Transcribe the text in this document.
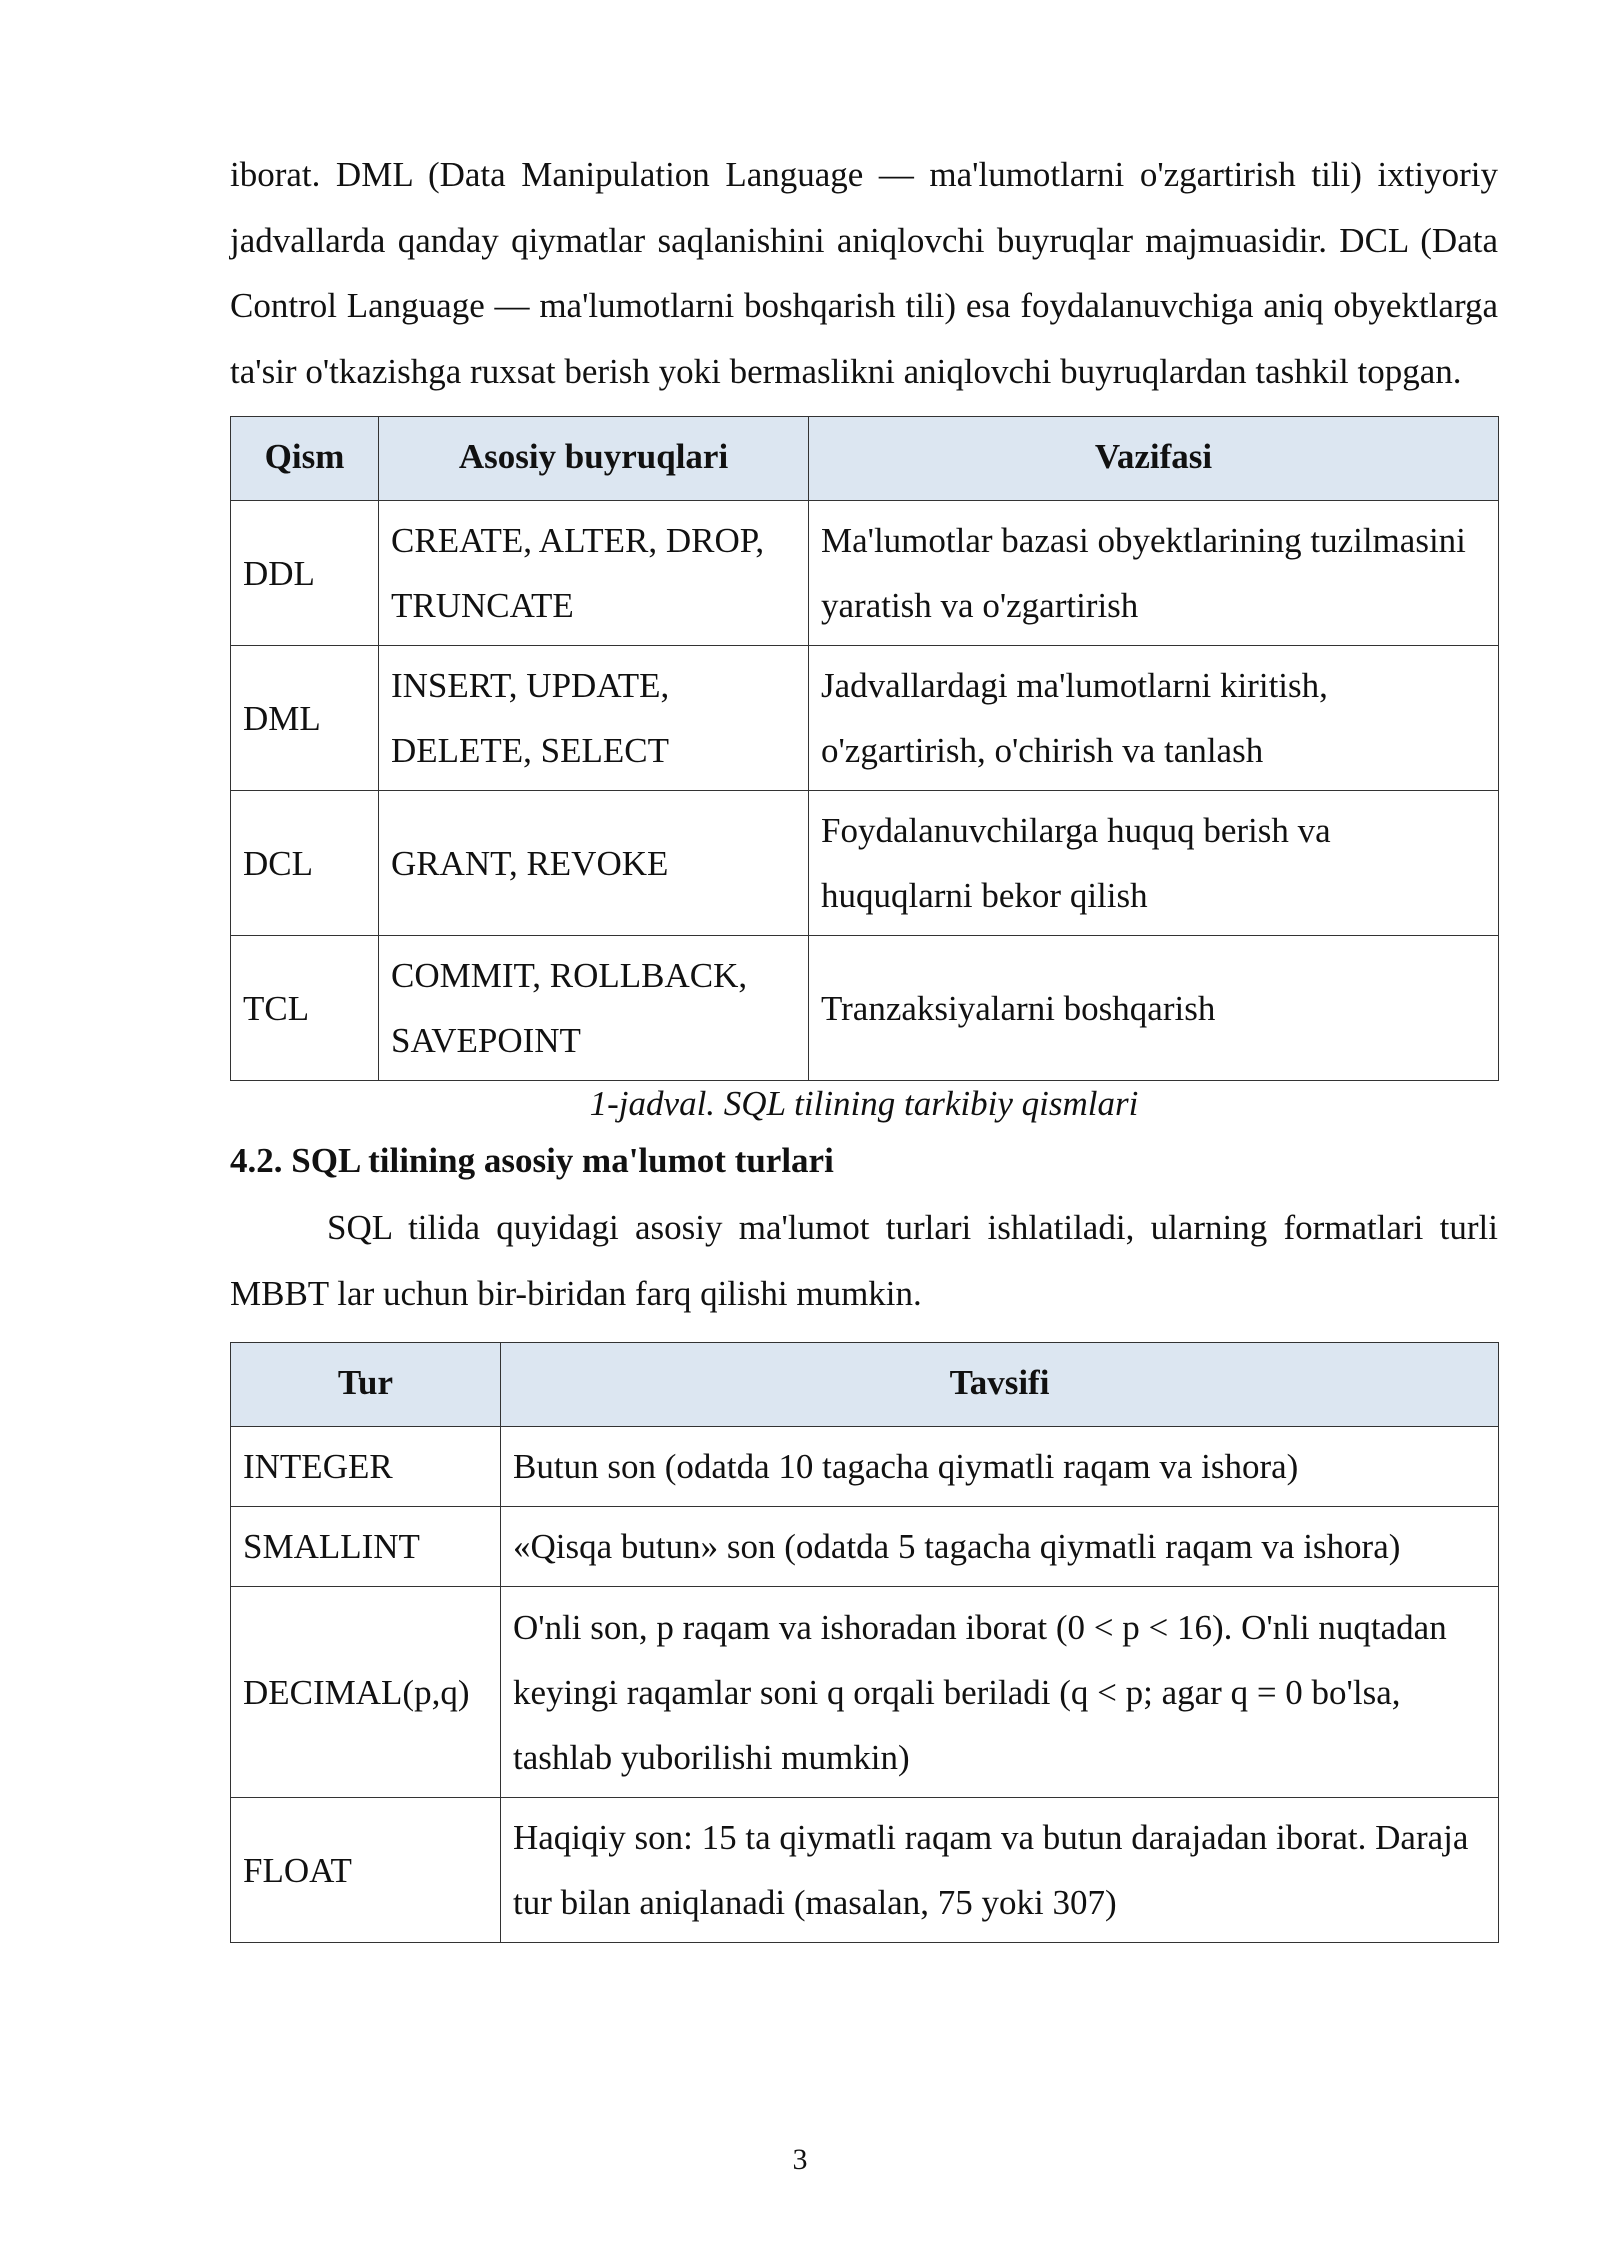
iborat. DML (Data Manipulation Language — ma'lumotlarni o'zgartirish tili) ixtiyoriy jadvallarda qanday qiymatlar saqlanishini aniqlovchi buyruqlar majmuasidir. DCL (Data Control Language — ma'lumotlarni boshqarish tili) esa foydalanuvchiga aniq obyektlarga ta'sir o'tkazishga ruxsat berish yoki bermaslikni aniqlovchi buyruqlardan tashkil topgan.

Qism	Asosiy buyruqlari	Vazifasi
DDL	CREATE, ALTER, DROP, TRUNCATE	Ma'lumotlar bazasi obyektlarining tuzilmasini yaratish va o'zgartirish
DML	INSERT, UPDATE, DELETE, SELECT	Jadvallardagi ma'lumotlarni kiritish, o'zgartirish, o'chirish va tanlash
DCL	GRANT, REVOKE	Foydalanuvchilarga huquq berish va huquqlarni bekor qilish
TCL	COMMIT, ROLLBACK, SAVEPOINT	Tranzaksiyalarni boshqarish

1-jadval. SQL tilining tarkibiy qismlari

4.2. SQL tilining asosiy ma'lumot turlari

SQL tilida quyidagi asosiy ma'lumot turlari ishlatiladi, ularning formatlari turli MBBT lar uchun bir-biridan farq qilishi mumkin.

Tur	Tavsifi
INTEGER	Butun son (odatda 10 tagacha qiymatli raqam va ishora)
SMALLINT	«Qisqa butun» son (odatda 5 tagacha qiymatli raqam va ishora)
DECIMAL(p,q)	O'nli son, p raqam va ishoradan iborat (0 < p < 16). O'nli nuqtadan keyingi raqamlar soni q orqali beriladi (q < p; agar q = 0 bo'lsa, tashlab yuborilishi mumkin)
FLOAT	Haqiqiy son: 15 ta qiymatli raqam va butun darajadan iborat. Daraja tur bilan aniqlanadi (masalan, 75 yoki 307)
3
